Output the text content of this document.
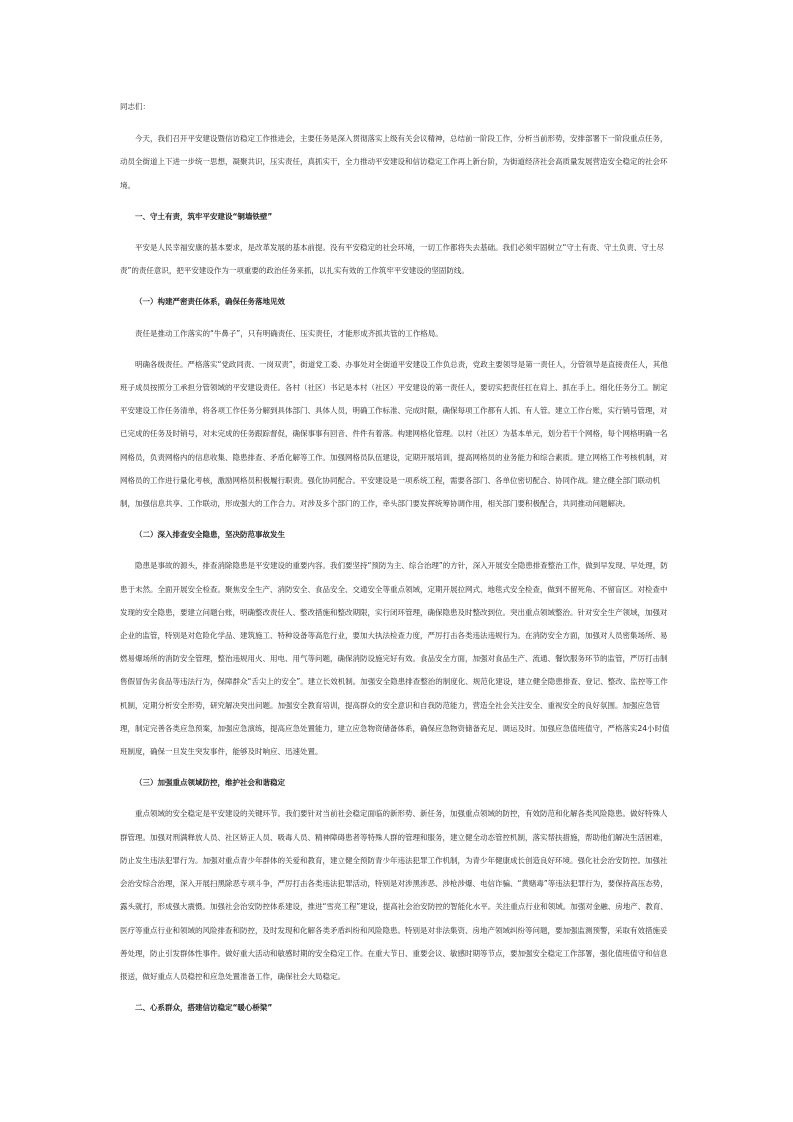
同志们：

今天，我们召开平安建设暨信访稳定工作推进会，主要任务是深入贯彻落实上级有关会议精神，总结前一阶段工作，分析当前形势，安排部署下一阶段重点任务，动员全街道上下进一步统一思想，凝聚共识，压实责任，真抓实干，全力推动平安建设和信访稳定工作再上新台阶，为街道经济社会高质量发展营造安全稳定的社会环境。

一、守土有责，筑牢平安建设“铜墙铁壁”

平安是人民幸福安康的基本要求，是改革发展的基本前提。没有平安稳定的社会环境，一切工作都将失去基础。我们必须牢固树立“守土有责、守土负责、守土尽责”的责任意识，把平安建设作为一项重要的政治任务来抓，以扎实有效的工作筑牢平安建设的坚固防线。

（一）构建严密责任体系，确保任务落地见效

责任是推动工作落实的“牛鼻子”，只有明确责任、压实责任，才能形成齐抓共管的工作格局。

明确各级责任。严格落实“党政同责、一岗双责”，街道党工委、办事处对全街道平安建设工作负总责，党政主要领导是第一责任人，分管领导是直接责任人，其他班子成员按照分工承担分管领域的平安建设责任。各村（社区）书记是本村（社区）平安建设的第一责任人，要切实把责任扛在肩上、抓在手上。细化任务分工。制定平安建设工作任务清单，将各项工作任务分解到具体部门、具体人员，明确工作标准、完成时限，确保每项工作都有人抓、有人管。建立工作台账，实行销号管理，对已完成的任务及时销号，对未完成的任务跟踪督促，确保事事有回音、件件有着落。构建网格化管理。以村（社区）为基本单元，划分若干个网格，每个网格明确一名网格员，负责网格内的信息收集、隐患排查、矛盾化解等工作。加强网格员队伍建设，定期开展培训，提高网格员的业务能力和综合素质。建立网格工作考核机制，对网格员的工作进行量化考核，激励网格员积极履行职责。强化协同配合。平安建设是一项系统工程，需要各部门、各单位密切配合、协同作战。建立健全部门联动机制，加强信息共享、工作联动，形成强大的工作合力。对涉及多个部门的工作，牵头部门要发挥统筹协调作用，相关部门要积极配合，共同推动问题解决。

（二）深入排查安全隐患，坚决防范事故发生

隐患是事故的源头，排查消除隐患是平安建设的重要内容。我们要坚持“预防为主、综合治理”的方针，深入开展安全隐患排查整治工作，做到早发现、早处理，防患于未然。全面开展安全检查。聚焦安全生产、消防安全、食品安全、交通安全等重点领域，定期开展拉网式、地毯式安全检查，做到不留死角、不留盲区。对检查中发现的安全隐患，要建立问题台账，明确整改责任人、整改措施和整改期限，实行闭环管理，确保隐患及时整改到位。突出重点领域整治。针对安全生产领域，加强对企业的监管，特别是对危险化学品、建筑施工、特种设备等高危行业，要加大执法检查力度，严厉打击各类违法违规行为。在消防安全方面，加强对人员密集场所、易燃易爆场所的消防安全管理，整治违规用火、用电、用气等问题，确保消防设施完好有效。食品安全方面，加强对食品生产、流通、餐饮服务环节的监管，严厉打击制售假冒伪劣食品等违法行为，保障群众“舌尖上的安全”。建立长效机制。加强安全隐患排查整治的制度化、规范化建设，建立健全隐患排查、登记、整改、监控等工作机制，定期分析安全形势，研究解决突出问题。加强安全教育培训，提高群众的安全意识和自我防范能力，营造全社会关注安全、重视安全的良好氛围。加强应急管理，制定完善各类应急预案，加强应急演练，提高应急处置能力，建立应急物资储备体系，确保应急物资储备充足、调运及时。加强应急值班值守，严格落实24小时值班制度，确保一旦发生突发事件，能够及时响应、迅速处置。

（三）加强重点领域防控，维护社会和谐稳定

重点领域的安全稳定是平安建设的关键环节。我们要针对当前社会稳定面临的新形势、新任务，加强重点领域的防控，有效防范和化解各类风险隐患。做好特殊人群管理。加强对刑满释放人员、社区矫正人员、吸毒人员、精神障碍患者等特殊人群的管理和服务，建立健全动态管控机制，落实帮扶措施，帮助他们解决生活困难，防止发生违法犯罪行为。加强对重点青少年群体的关爱和教育，建立健全预防青少年违法犯罪工作机制，为青少年健康成长创造良好环境。强化社会治安防控。加强社会治安综合治理，深入开展扫黑除恶专项斗争，严厉打击各类违法犯罪活动，特别是对涉黑涉恶、涉枪涉爆、电信诈骗、“黄赌毒”等违法犯罪行为，要保持高压态势，露头就打，形成强大震慑。加强社会治安防控体系建设，推进“雪亮工程”建设，提高社会治安防控的智能化水平。关注重点行业和领域。加强对金融、房地产、教育、医疗等重点行业和领域的风险排查和防控，及时发现和化解各类矛盾纠纷和风险隐患。特别是对非法集资、房地产领域纠纷等问题，要加强监测预警，采取有效措施妥善处理，防止引发群体性事件。做好重大活动和敏感时期的安全稳定工作。在重大节日、重要会议、敏感时期等节点，要加强安全稳定工作部署，强化值班值守和信息报送，做好重点人员稳控和应急处置准备工作，确保社会大局稳定。

二、心系群众，搭建信访稳定“暖心桥梁”
